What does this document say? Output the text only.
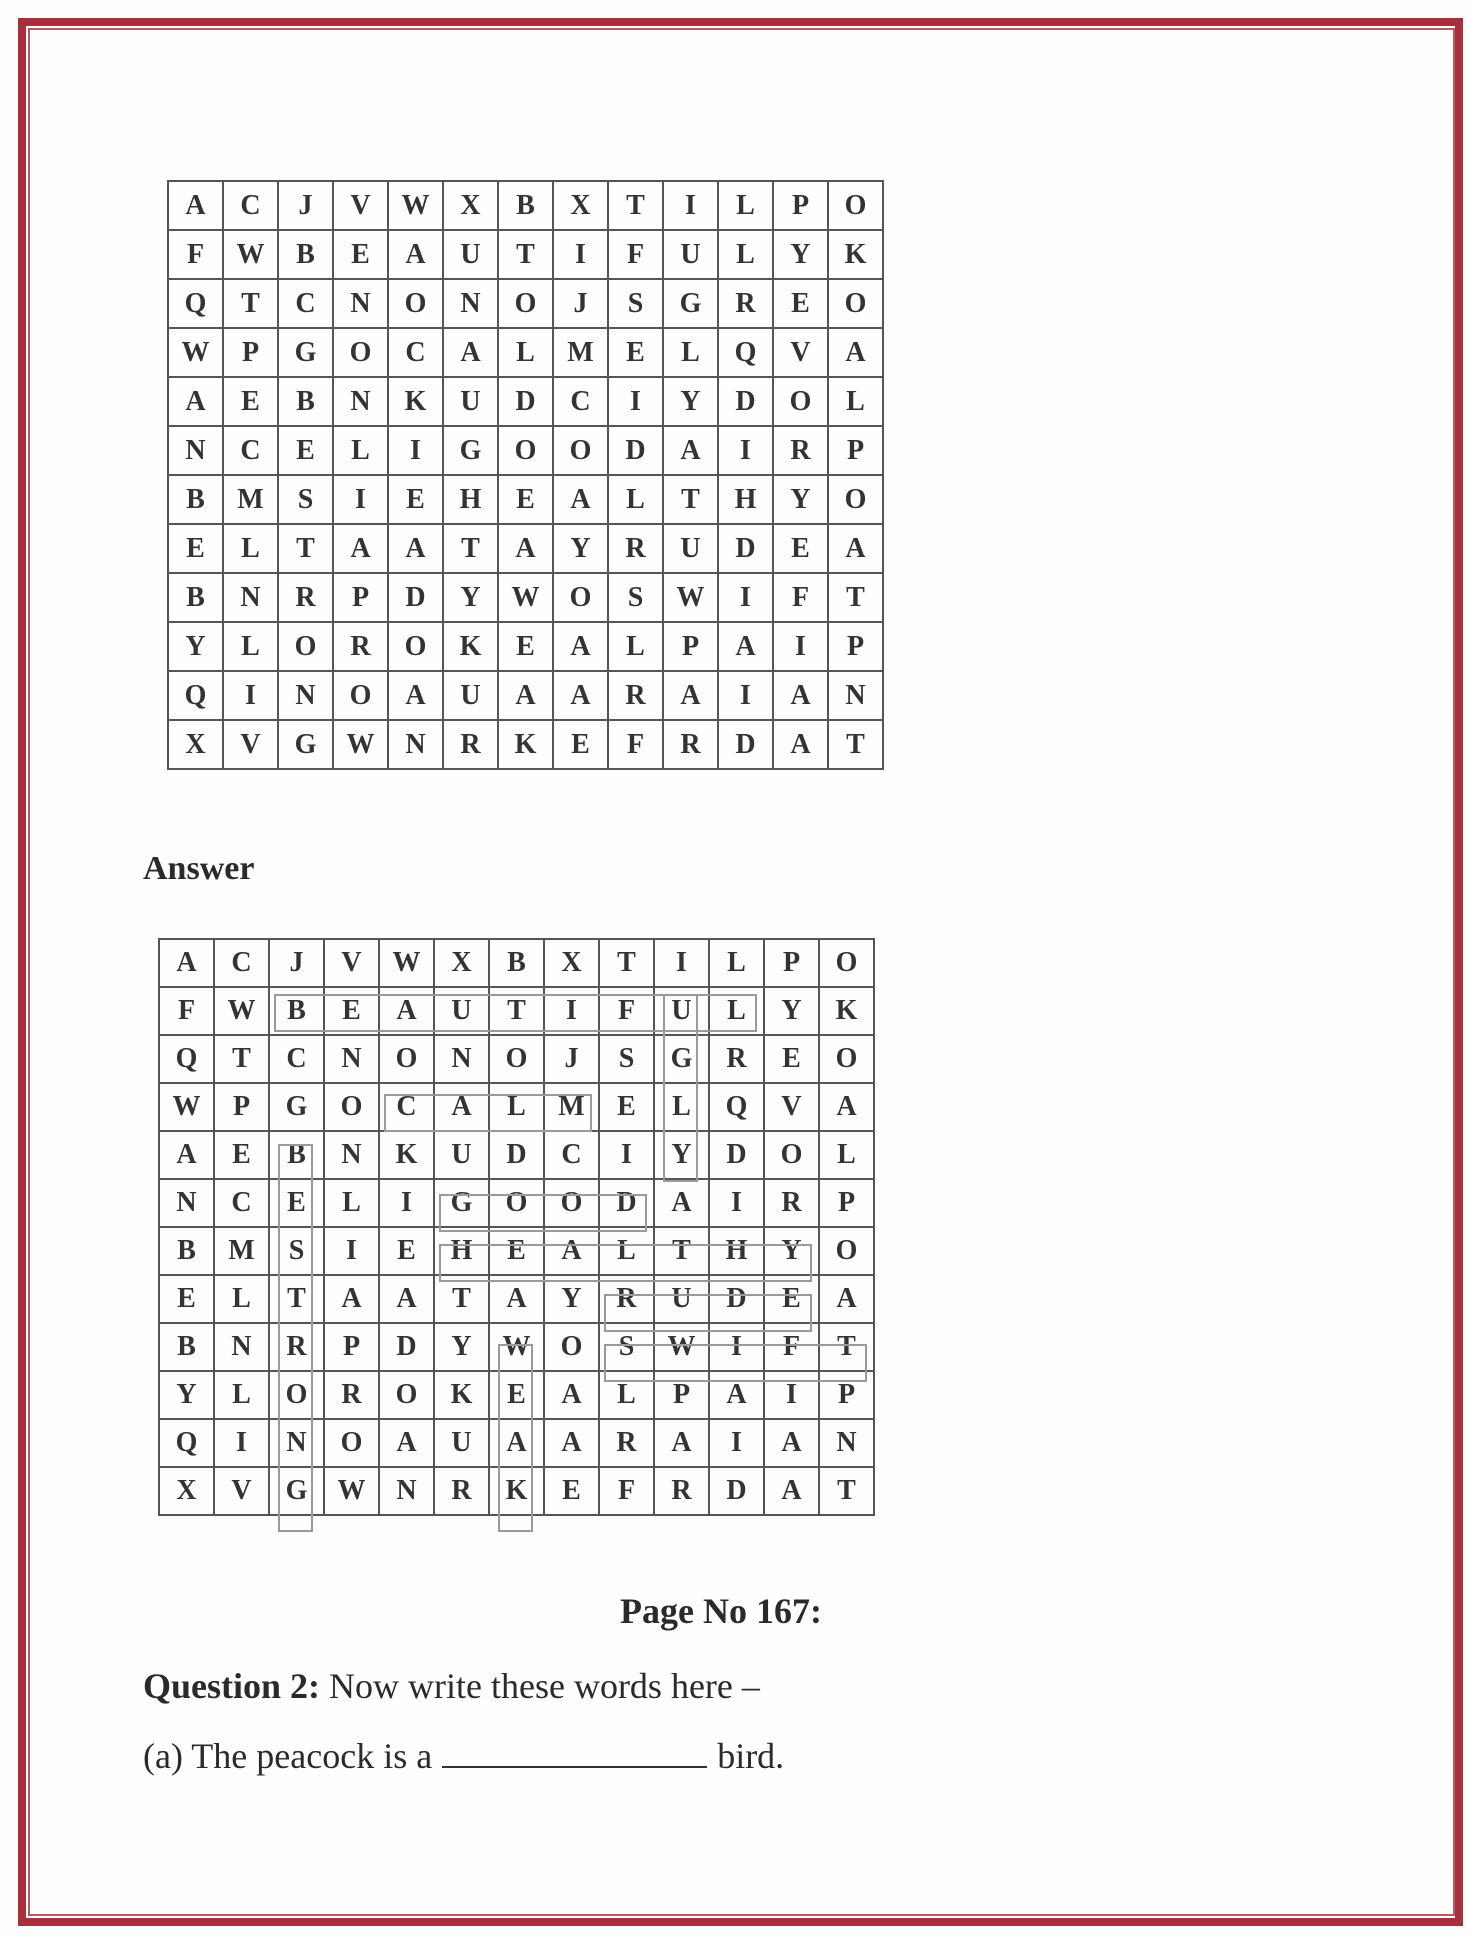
A	C	J	V	W	X	B	X	T	I	L	P	O
F	W	B	E	A	U	T	I	F	U	L	Y	K
Q	T	C	N	O	N	O	J	S	G	R	E	O
W	P	G	O	C	A	L	M	E	L	Q	V	A
A	E	B	N	K	U	D	C	I	Y	D	O	L
N	C	E	L	I	G	O	O	D	A	I	R	P
B	M	S	I	E	H	E	A	L	T	H	Y	O
E	L	T	A	A	T	A	Y	R	U	D	E	A
B	N	R	P	D	Y	W	O	S	W	I	F	T
Y	L	O	R	O	K	E	A	L	P	A	I	P
Q	I	N	O	A	U	A	A	R	A	I	A	N
X	V	G	W	N	R	K	E	F	R	D	A	T
Answer
A	C	J	V	W	X	B	X	T	I	L	P	O
F	W	B	E	A	U	T	I	F	U	L	Y	K
Q	T	C	N	O	N	O	J	S	G	R	E	O
W	P	G	O	C	A	L	M	E	L	Q	V	A
A	E	B	N	K	U	D	C	I	Y	D	O	L
N	C	E	L	I	G	O	O	D	A	I	R	P
B	M	S	I	E	H	E	A	L	T	H	Y	O
E	L	T	A	A	T	A	Y	R	U	D	E	A
B	N	R	P	D	Y	W	O	S	W	I	F	T
Y	L	O	R	O	K	E	A	L	P	A	I	P
Q	I	N	O	A	U	A	A	R	A	I	A	N
X	V	G	W	N	R	K	E	F	R	D	A	T
Page No 167:
Question 2: Now write these words here –
(a) The peacock is a	bird.
